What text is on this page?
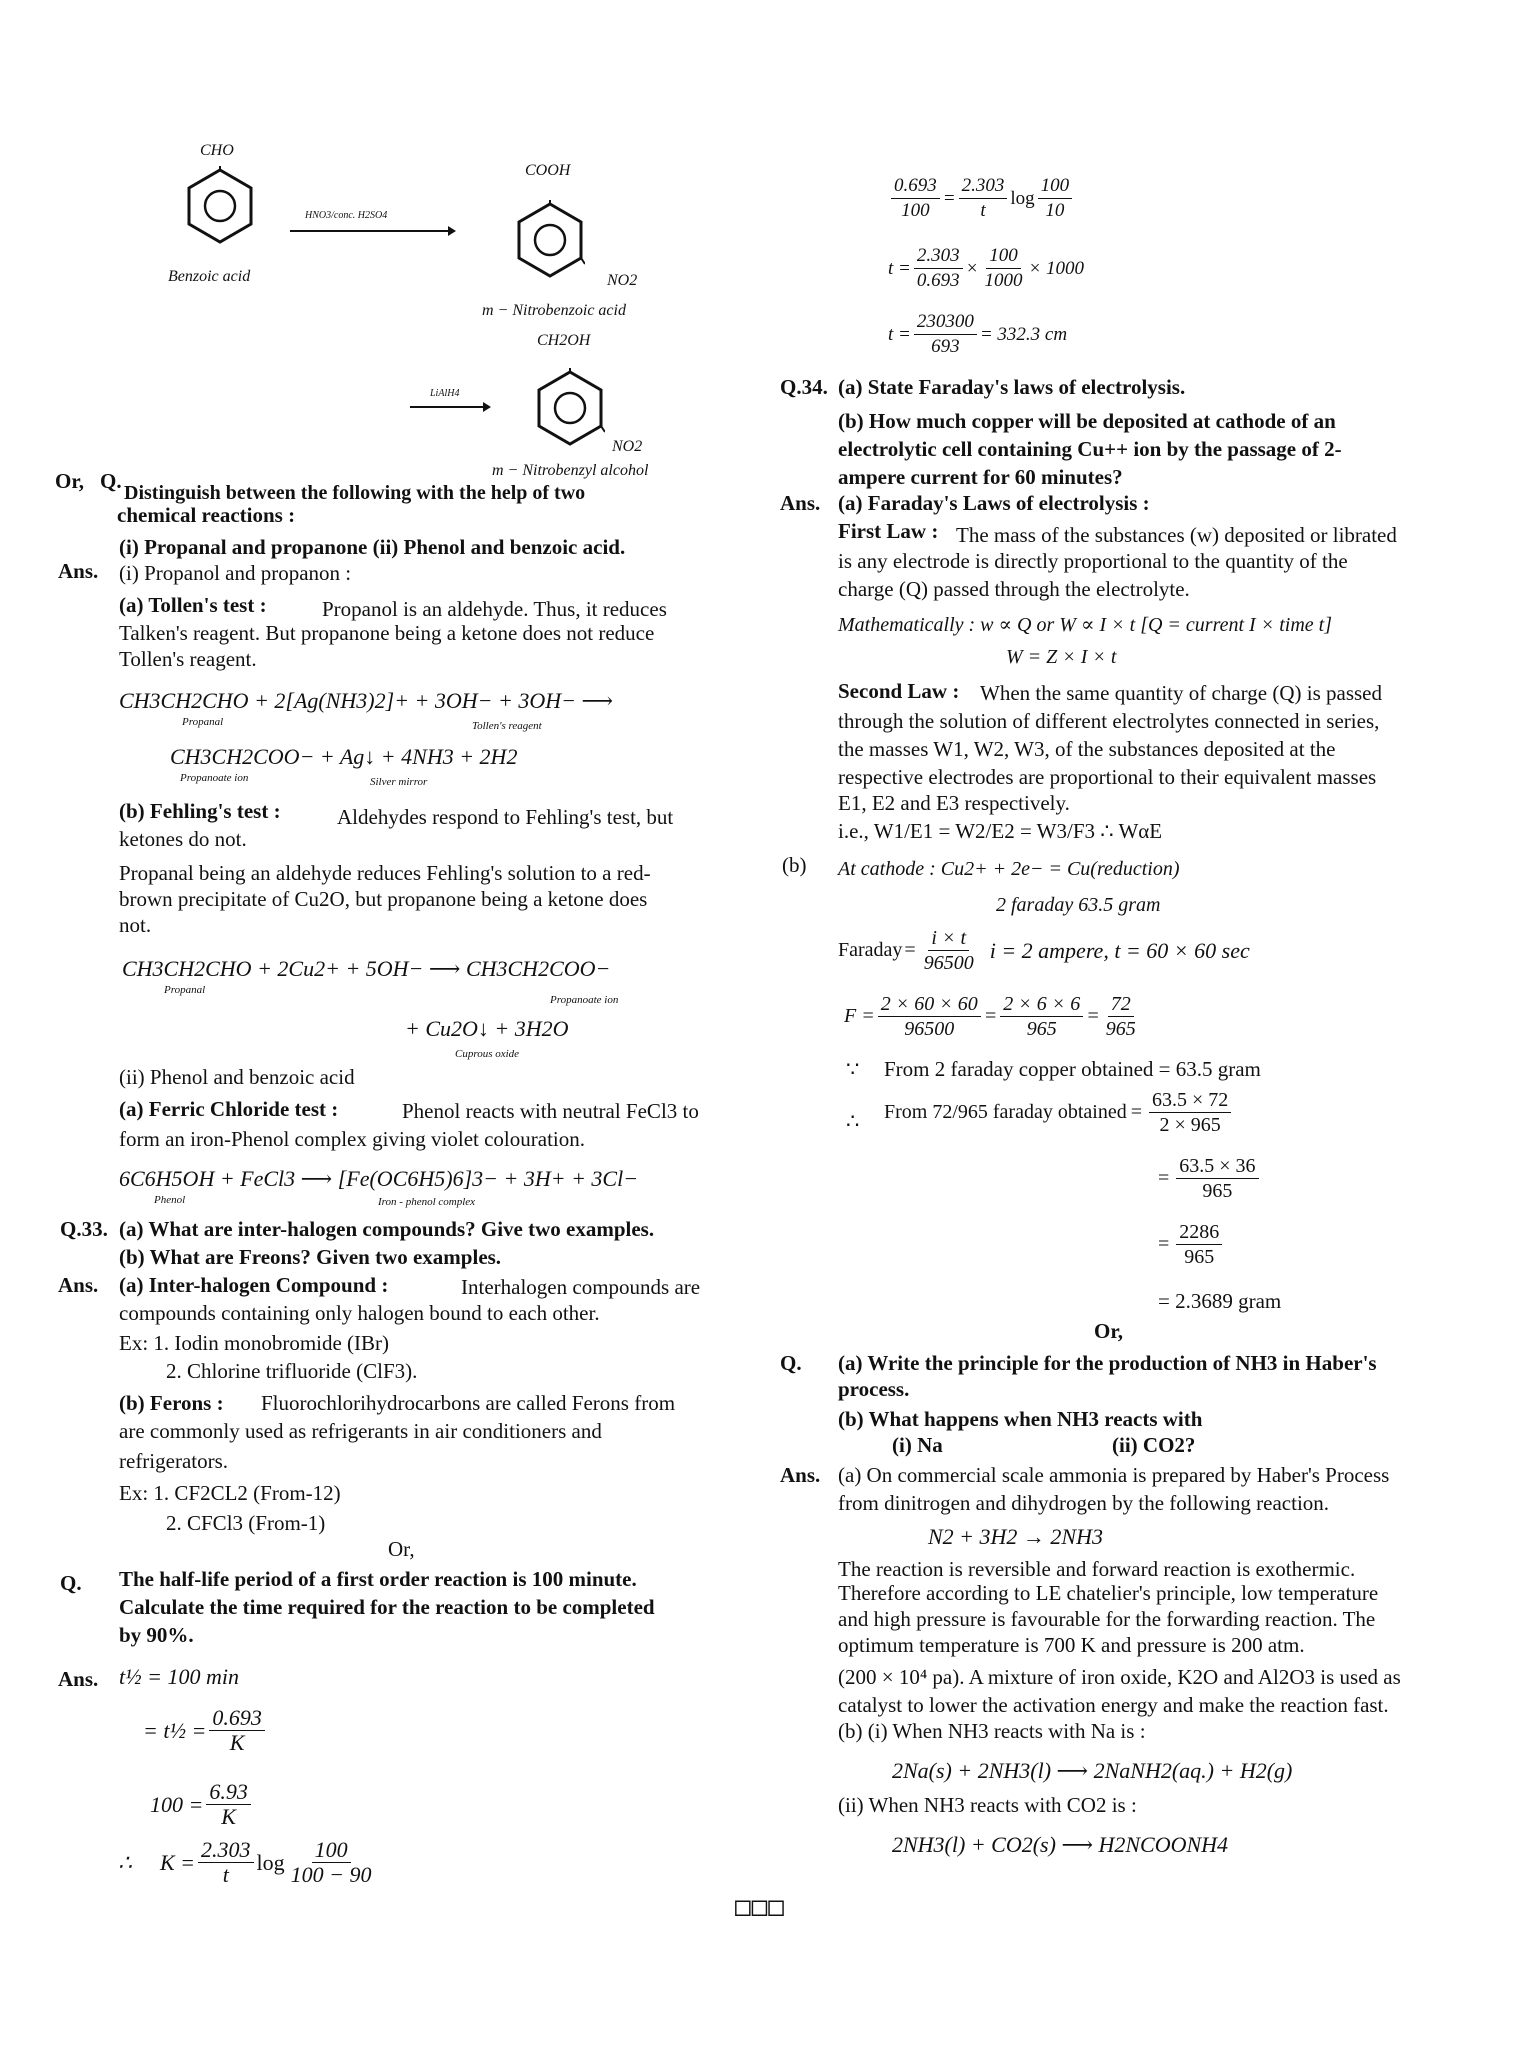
CHO
Benzoic acid
HNO3/conc. H2SO4
COOH
NO2
m − Nitrobenzoic acid
CH2OH
LiAlH4
NO2
m − Nitrobenzyl alcohol
Or, Q. Distinguish between the following with the help of two
chemical reactions :
(i) Propanal and propanone (ii) Phenol and benzoic acid.
Ans. (i) Propanol and propanon :
(a) Tollen's test :	Propanol is an aldehyde. Thus, it reduces
Talken's reagent. But propanone being a ketone does not reduce
Tollen's reagent.
CH3CH2CHO + 2[Ag(NH3)2]+ + 3OH− + 3OH− ⟶
Propanal	Tollen's reagent
CH3CH2COO− + Ag↓ + 4NH3 + 2H2
Propanoate ion	Silver mirror
(b) Fehling's test :	Aldehydes respond to Fehling's test, but
ketones do not.
Propanal being an aldehyde reduces Fehling's solution to a red-
brown precipitate of Cu2O, but propanone being a ketone does
not.
CH3CH2CHO + 2Cu2+ + 5OH− ⟶ CH3CH2COO−
Propanal
Propanoate ion
+ Cu2O↓ + 3H2O
Cuprous oxide
(ii) Phenol and benzoic acid
(a) Ferric Chloride test :	Phenol reacts with neutral FeCl3 to
form an iron-Phenol complex giving violet colouration.
6C6H5OH + FeCl3 ⟶ [Fe(OC6H5)6]3− + 3H+ + 3Cl−
Phenol	Iron - phenol complex
Q.33. (a) What are inter-halogen compounds? Give two examples.
(b) What are Freons? Given two examples.
Ans. (a) Inter-halogen Compound :	Interhalogen compounds are
compounds containing only halogen bound to each other.
Ex: 1. Iodin monobromide (IBr)
2. Chlorine trifluoride (ClF3).
(b) Ferons : Fluorochlorihydrocarbons are called Ferons from
are commonly used as refrigerants in air conditioners and
refrigerators.
Ex: 1. CF2CL2 (From-12)
2. CFCl3 (From-1)
Or,
Q. The half-life period of a first order reaction is 100 minute.
Calculate the time required for the reaction to be completed
by 90%.
Ans. t½ = 100 min
= t½ = $\frac{0.693}{K}$
$100 = \frac{6.93}{K}$
∴ $K = \frac{2.303}{t}$ $\log \frac{100}{100 - 90}$
$\frac{0.693}{100} = \frac{2.303}{t}$ $\log \frac{100}{10}$
$t = \frac{2.303}{0.693} \times \frac{100}{1000} \times 1000$
$t = \frac{230300}{693} = 332.3$ cm
Q.34. (a) State Faraday's laws of electrolysis.
(b) How much copper will be deposited at cathode of an
electrolytic cell containing Cu++ ion by the passage of 2-
ampere current for 60 minutes?
Ans. (a) Faraday's Laws of electrolysis :
First Law : The mass of the substances (w) deposited or librated
is any electrode is directly proportional to the quantity of the
charge (Q) passed through the electrolyte.
Mathematically : w ∝ Q or W ∝ I × t [Q = current I × time t]
W = Z × I × t
Second Law : When the same quantity of charge (Q) is passed
through the solution of different electrolytes connected in series,
the masses W1, W2, W3, of the substances deposited at the
respective electrodes are proportional to their equivalent masses
E1, E2 and E3 respectively.
i.e., W1/E1 = W2/E2 = W3/F3 ∴ WαE
(b) At cathode : Cu2+ + 2e− = Cu(reduction)
2 faraday 63.5 gram
Faraday = $\frac{i \times t}{96500}$ i = 2 ampere, t = 60 × 60 sec
$F = \frac{2 \times 60 \times 60}{96500} = \frac{2 \times 6 \times 6}{965} = \frac{72}{965}$
∵ From 2 faraday copper obtained = 63.5 gram
∴ From 72/965 faraday obtained = $\frac{63.5 \times 72}{2 \times 965}$
= $\frac{63.5 \times 36}{965}$
= $\frac{2286}{965}$
= 2.3689 gram
Or,
Q. (a) Write the principle for the production of NH3 in Haber's
process.
(b) What happens when NH3 reacts with
(i) Na	(ii) CO2?
Ans. (a) On commercial scale ammonia is prepared by Haber's Process
from dinitrogen and dihydrogen by the following reaction.
N2 + 3H2 → 2NH3
The reaction is reversible and forward reaction is exothermic.
Therefore according to LE chatelier's principle, low temperature
and high pressure is favourable for the forwarding reaction. The
optimum temperature is 700 K and pressure is 200 atm.
(200 × 10⁴ pa). A mixture of iron oxide, K2O and Al2O3 is used as
catalyst to lower the activation energy and make the reaction fast.
(b) (i) When NH3 reacts with Na is :
2Na(s) + 2NH3(l) ⟶ 2NaNH2(aq.) + H2(g)
(ii) When NH3 reacts with CO2 is :
2NH3(l) + CO2(s) ⟶ H2NCOONH4
□□□
